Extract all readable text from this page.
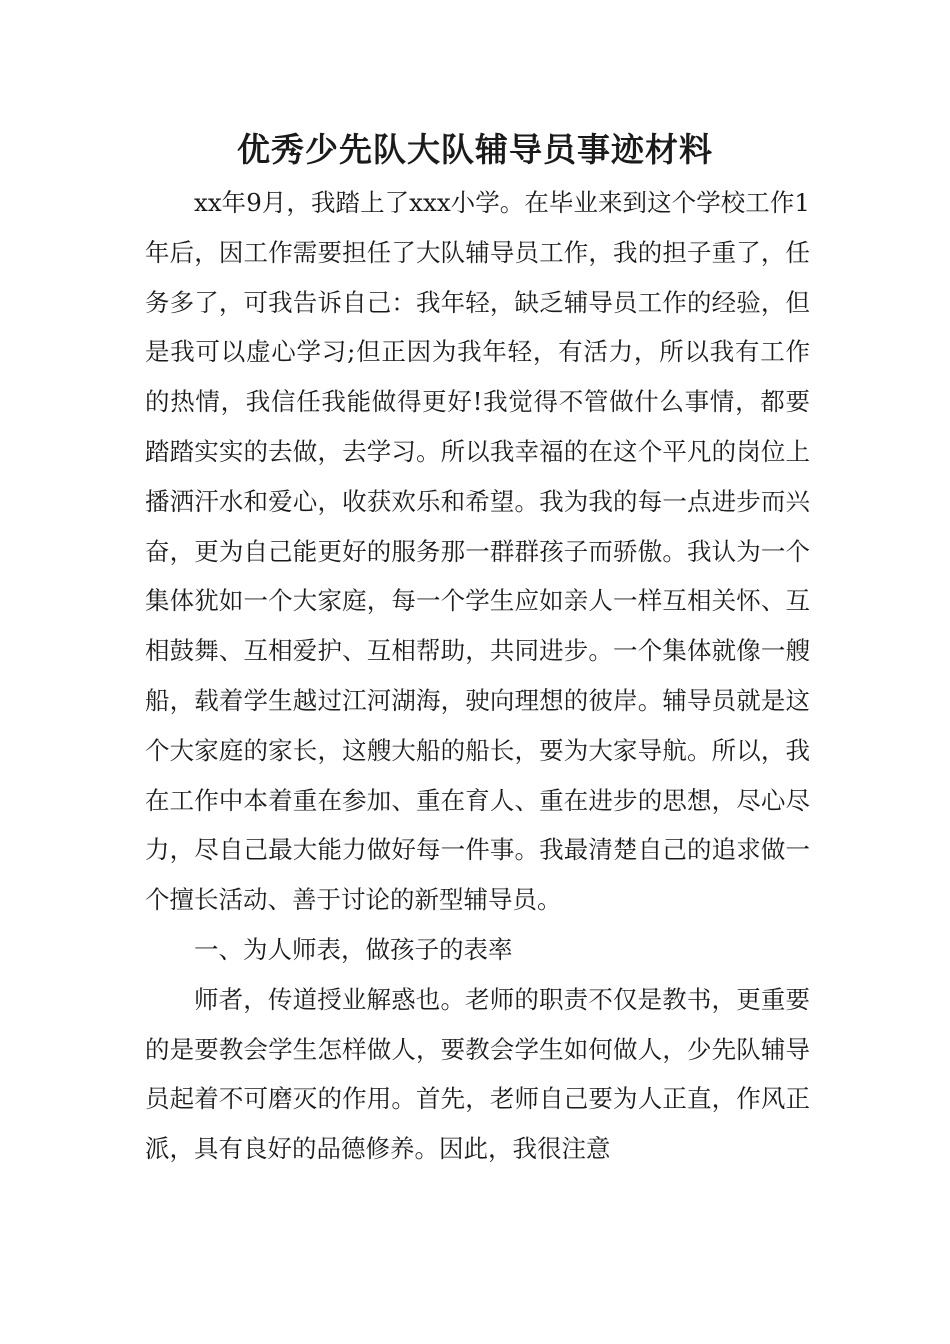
优秀少先队大队辅导员事迹材料

xx年9月，我踏上了xxx小学。在毕业来到这个学校工作1年后，因工作需要担任了大队辅导员工作，我的担子重了，任务多了，可我告诉自己：我年轻，缺乏辅导员工作的经验，但是我可以虚心学习;但正因为我年轻，有活力，所以我有工作的热情，我信任我能做得更好!我觉得不管做什么事情，都要踏踏实实的去做，去学习。所以我幸福的在这个平凡的岗位上播洒汗水和爱心，收获欢乐和希望。我为我的每一点进步而兴奋，更为自己能更好的服务那一群群孩子而骄傲。我认为一个集体犹如一个大家庭，每一个学生应如亲人一样互相关怀、互相鼓舞、互相爱护、互相帮助，共同进步。一个集体就像一艘船，载着学生越过江河湖海，驶向理想的彼岸。辅导员就是这个大家庭的家长，这艘大船的船长，要为大家导航。所以，我在工作中本着重在参加、重在育人、重在进步的思想，尽心尽力，尽自己最大能力做好每一件事。我最清楚自己的追求做一个擅长活动、善于讨论的新型辅导员。

一、为人师表，做孩子的表率

师者，传道授业解惑也。老师的职责不仅是教书，更重要的是要教会学生怎样做人，要教会学生如何做人，少先队辅导员起着不可磨灭的作用。首先，老师自己要为人正直，作风正派，具有良好的品德修养。因此，我很注意
